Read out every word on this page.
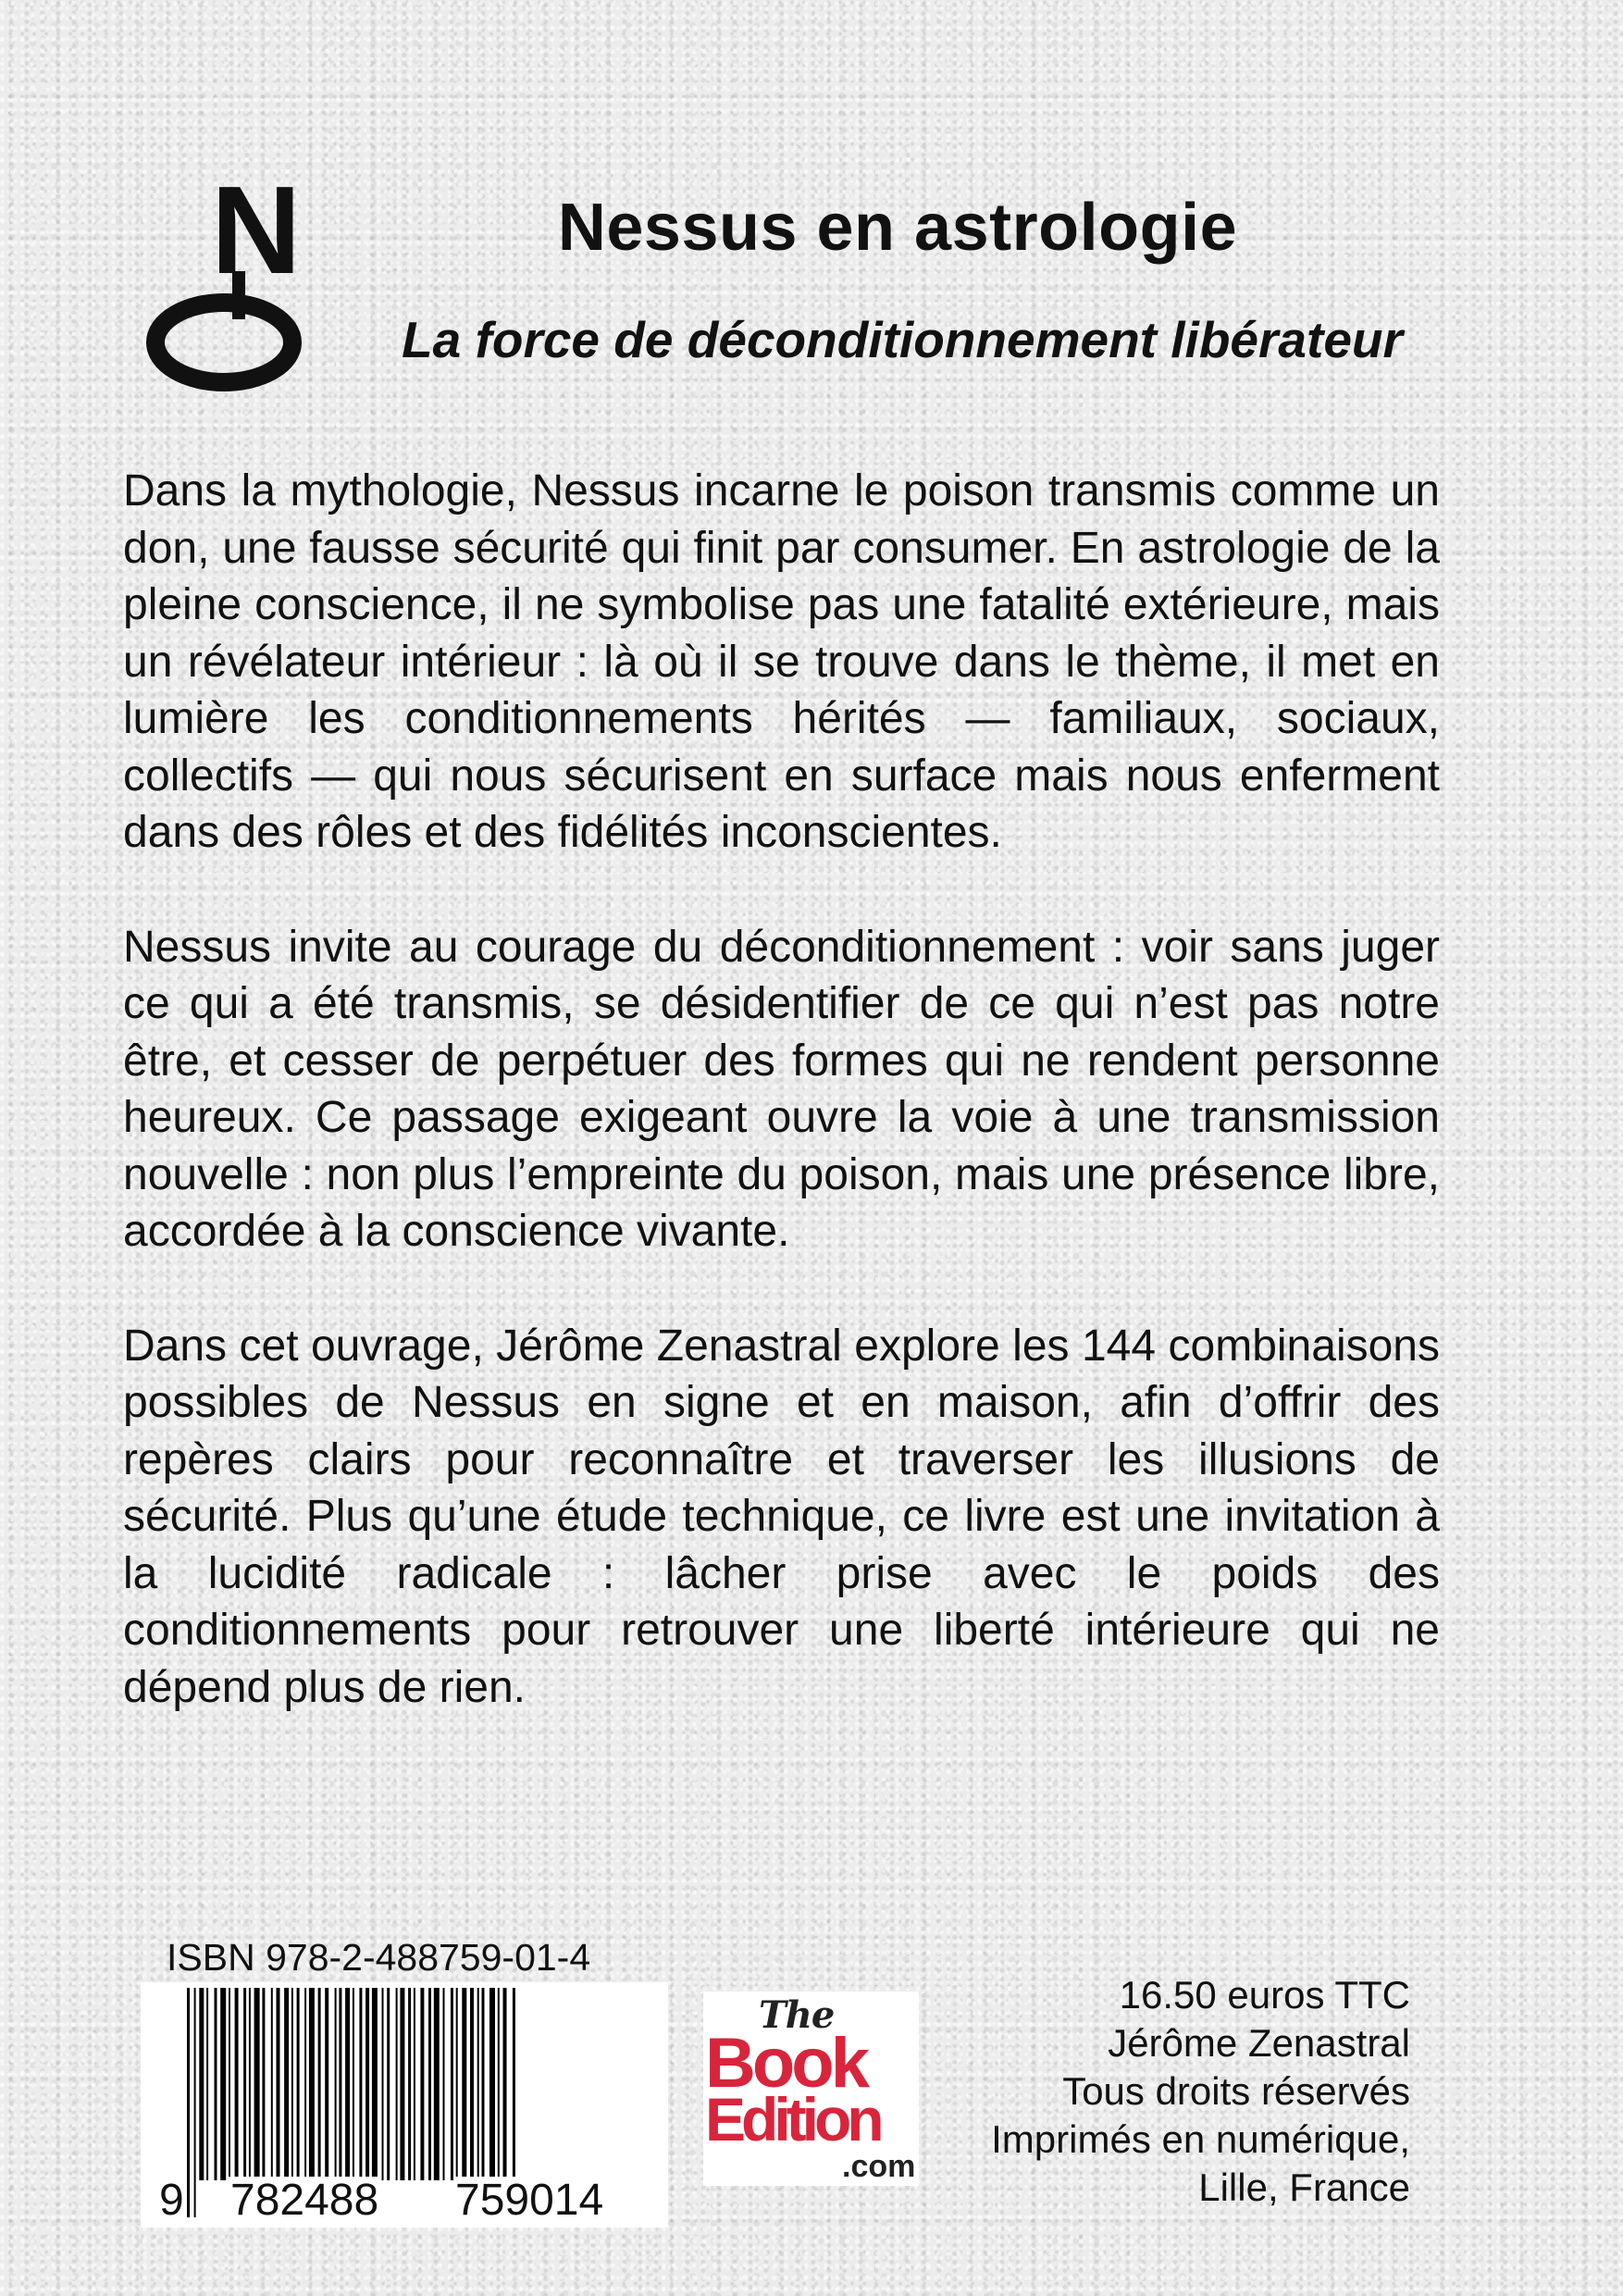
N	Nessus en astrologie
La force de déconditionnement libérateur

Dans la mythologie, Nessus incarne le poison transmis comme un don, une fausse sécurité qui finit par consumer. En astrologie de la pleine conscience, il ne symbolise pas une fatalité extérieure, mais un révélateur intérieur : là où il se trouve dans le thème, il met en lumière les conditionnements hérités — familiaux, sociaux, collectifs — qui nous sécurisent en surface mais nous enferment dans des rôles et des fidélités inconscientes.

Nessus invite au courage du déconditionnement : voir sans juger ce qui a été transmis, se désidentifier de ce qui n’est pas notre être, et cesser de perpétuer des formes qui ne rendent personne heureux. Ce passage exigeant ouvre la voie à une transmission nouvelle : non plus l’empreinte du poison, mais une présence libre, accordée à la conscience vivante.

Dans cet ouvrage, Jérôme Zenastral explore les 144 combinaisons possibles de Nessus en signe et en maison, afin d’offrir des repères clairs pour reconnaître et traverser les illusions de sécurité. Plus qu’une étude technique, ce livre est une invitation à la lucidité radicale : lâcher prise avec le poids des conditionnements pour retrouver une liberté intérieure qui ne dépend plus de rien.

ISBN 978-2-488759-01-4

9 782488 759014
The
Book
Edition
.com
16.50 euros TTC
Jérôme Zenastral
Tous droits réservés
Imprimés en numérique,
Lille, France
